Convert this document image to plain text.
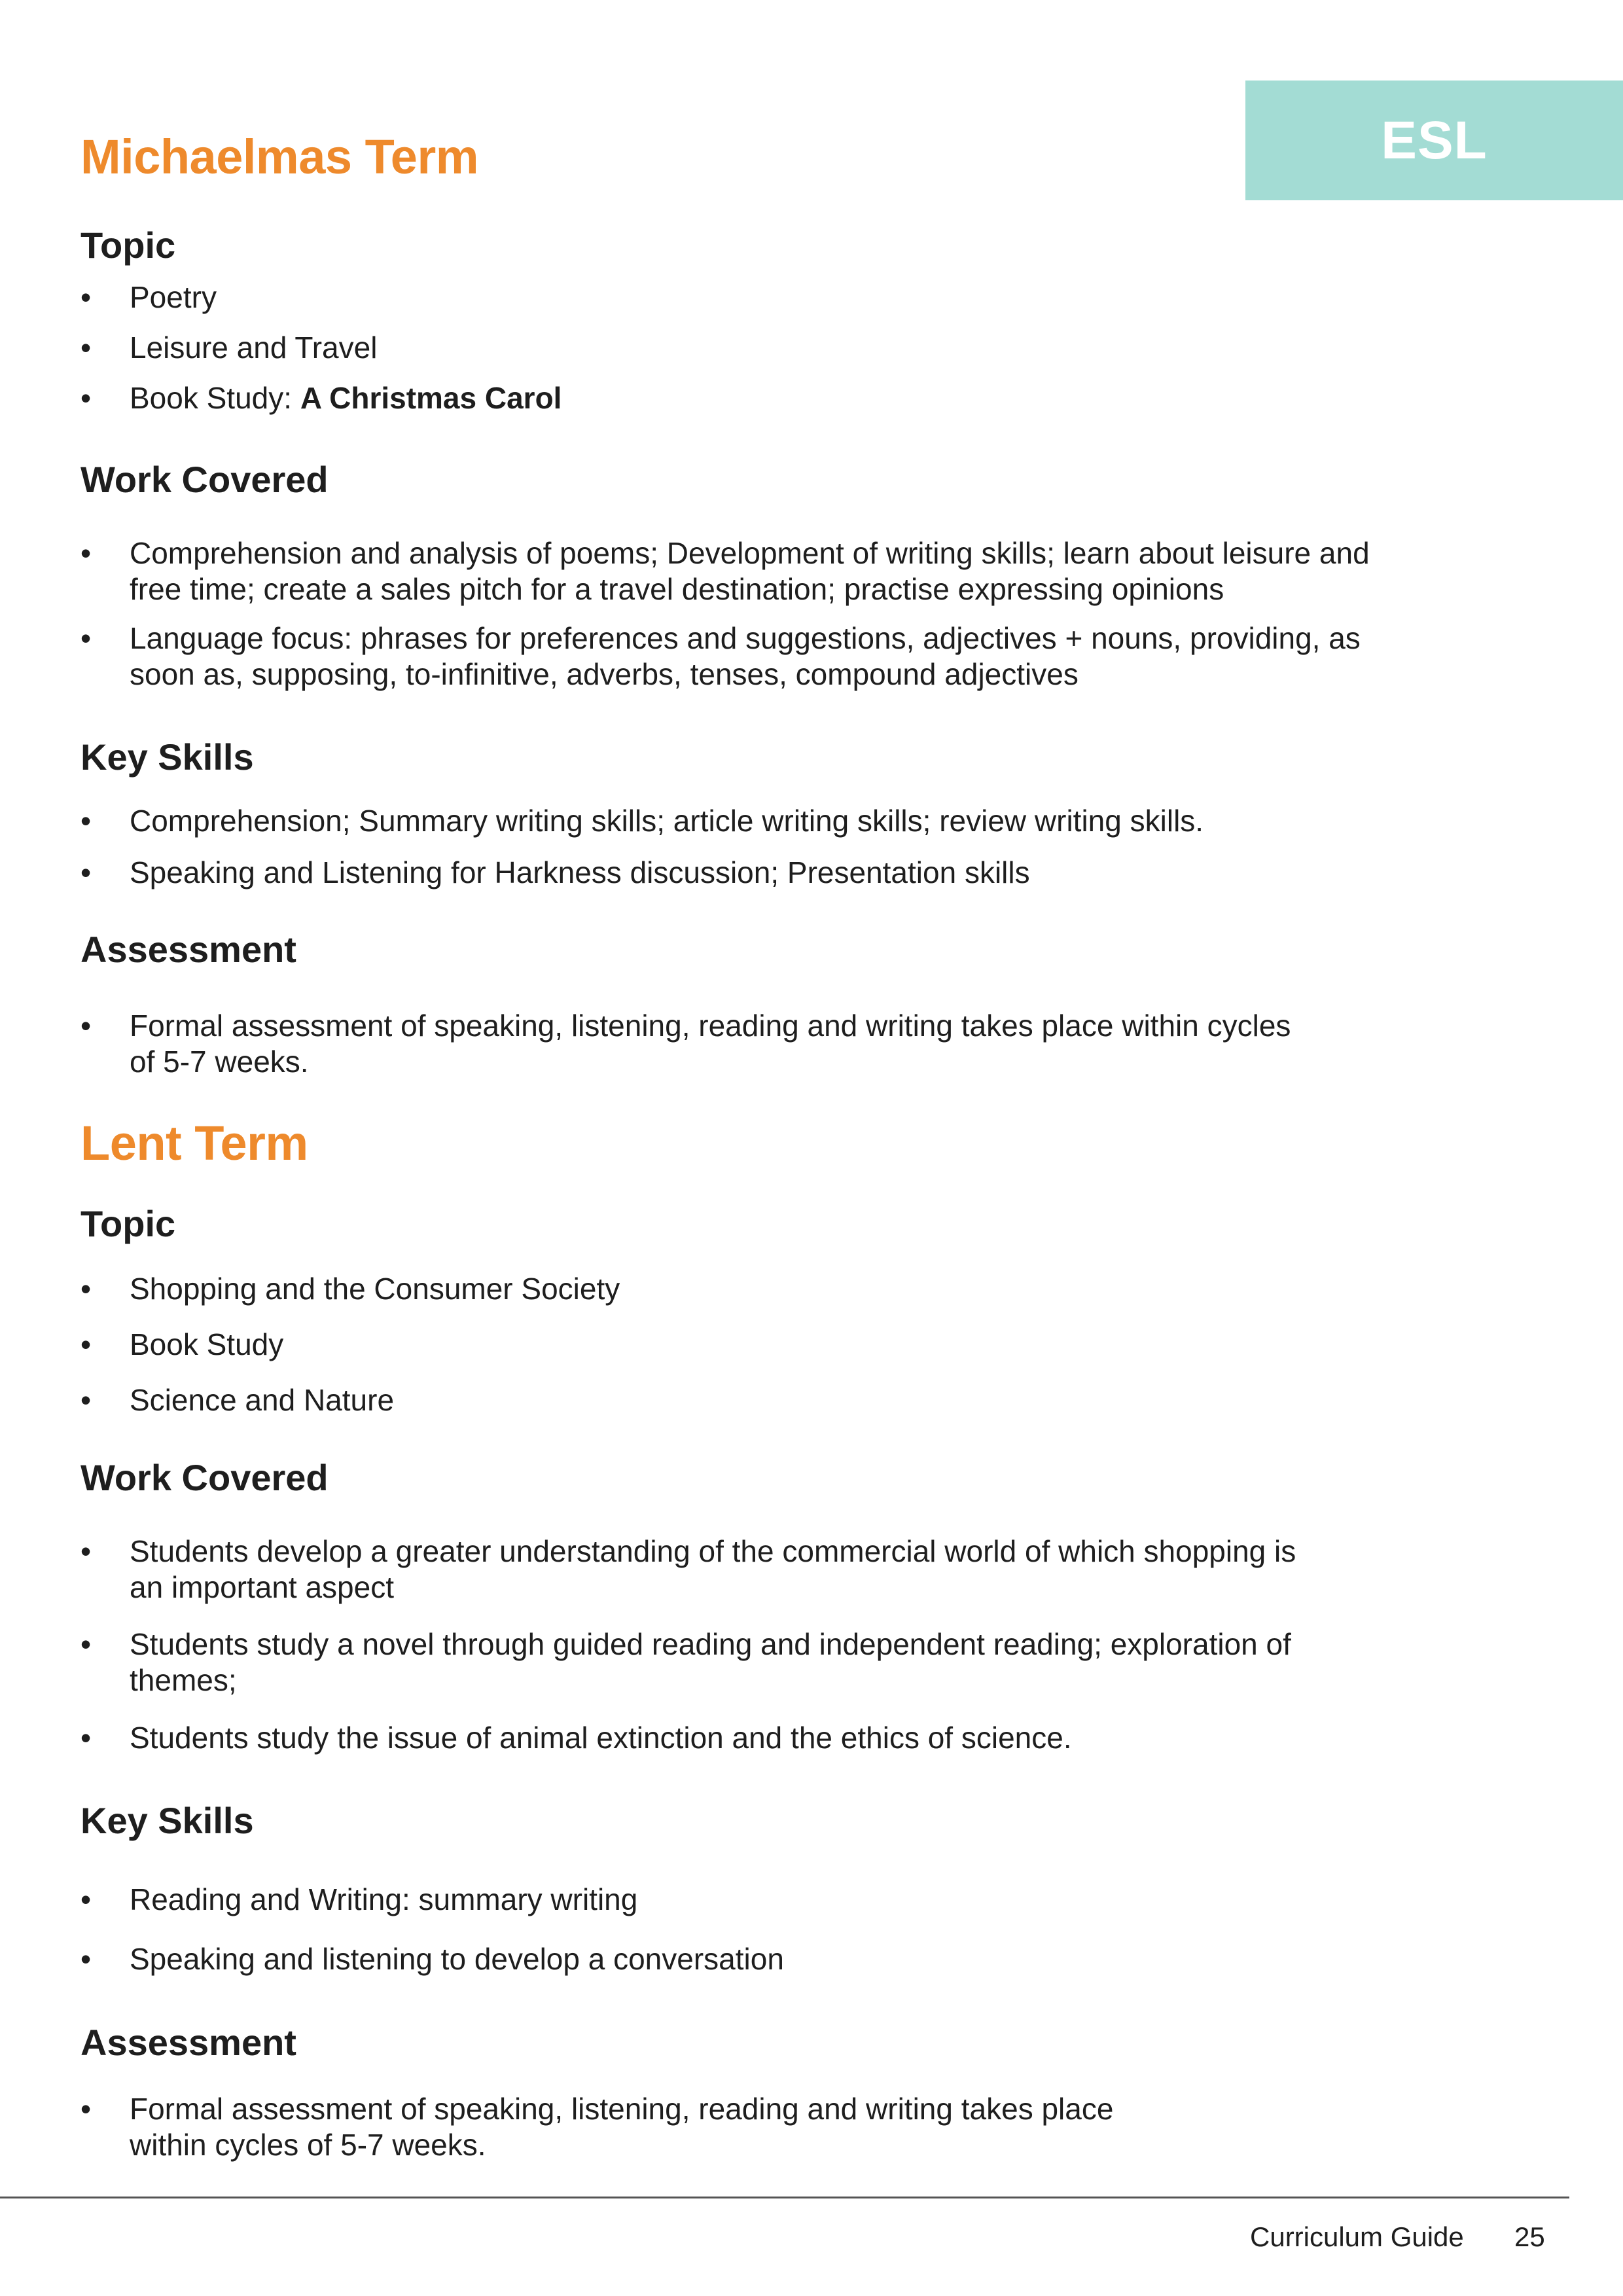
ESL
Michaelmas Term
Topic
•	Poetry
•	Leisure and Travel
•	Book Study: A Christmas Carol
Work Covered
•	Comprehension and analysis of poems; Development of writing skills; learn about leisure and free time; create a sales pitch for a travel destination; practise expressing opinions
•	Language focus: phrases for preferences and suggestions, adjectives + nouns, providing, as soon as, supposing, to-infinitive, adverbs, tenses, compound adjectives
Key Skills
•	Comprehension; Summary writing skills; article writing skills; review writing skills.
•	Speaking and Listening for Harkness discussion; Presentation skills
Assessment
•	Formal assessment of speaking, listening, reading and writing takes place within cycles of 5-7 weeks.
Lent Term
Topic
•	Shopping and the Consumer Society
•	Book Study
•	Science and Nature
Work Covered
•	Students develop a greater understanding of the commercial world of which shopping is an important aspect
•	Students study a novel through guided reading and independent reading; exploration of themes;
•	Students study the issue of animal extinction and the ethics of science.
Key Skills
•	Reading and Writing: summary writing
•	Speaking and listening to develop a conversation
Assessment
•	Formal assessment of speaking, listening, reading and writing takes place within cycles of 5-7 weeks.
Curriculum Guide 25
